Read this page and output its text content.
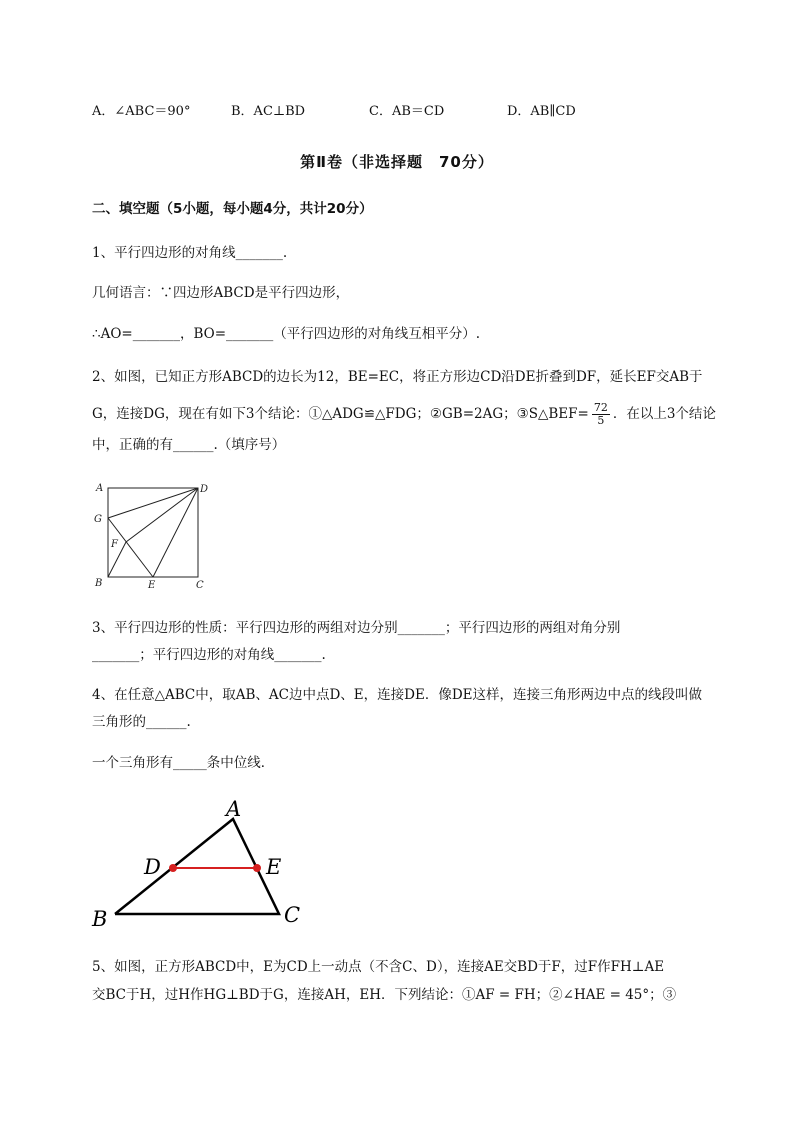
A．∠ABC＝90°	B．AC⊥BD	C．AB＝CD	D．AB∥CD
第Ⅱ卷（非选择题　70分）
二、填空题（5小题，每小题4分，共计20分）
1、平行四边形的对角线_______.
几何语言：∵四边形ABCD是平行四边形，
∴AO=_______，BO=_______（平行四边形的对角线互相平分）.
2、如图，已知正方形ABCD的边长为12，BE=EC，将正方形边CD沿DE折叠到DF，延长EF交AB于
G，连接DG，现在有如下3个结论：①△ADG≌△FDG；②GB=2AG；③S△BEF= $\frac{72}{5}$ ．在以上3个结论
中，正确的有______.（填序号）
A	D
G
F
B	E	C
3、平行四边形的性质：平行四边形的两组对边分别_______；平行四边形的两组对角分别
_______；平行四边形的对角线_______.
4、在任意△ABC中，取AB、AC边中点D、E，连接DE．像DE这样，连接三角形两边中点的线段叫做
三角形的______.
一个三角形有_____条中位线．
A
B	C
D	E
5、如图，正方形ABCD中，E为CD上一动点（不含C、D），连接AE交BD于F，过F作FH⊥AE
交BC于H，过H作HG⊥BD于G，连接AH，EH．下列结论：①AF = FH；②∠HAE = 45°；③
